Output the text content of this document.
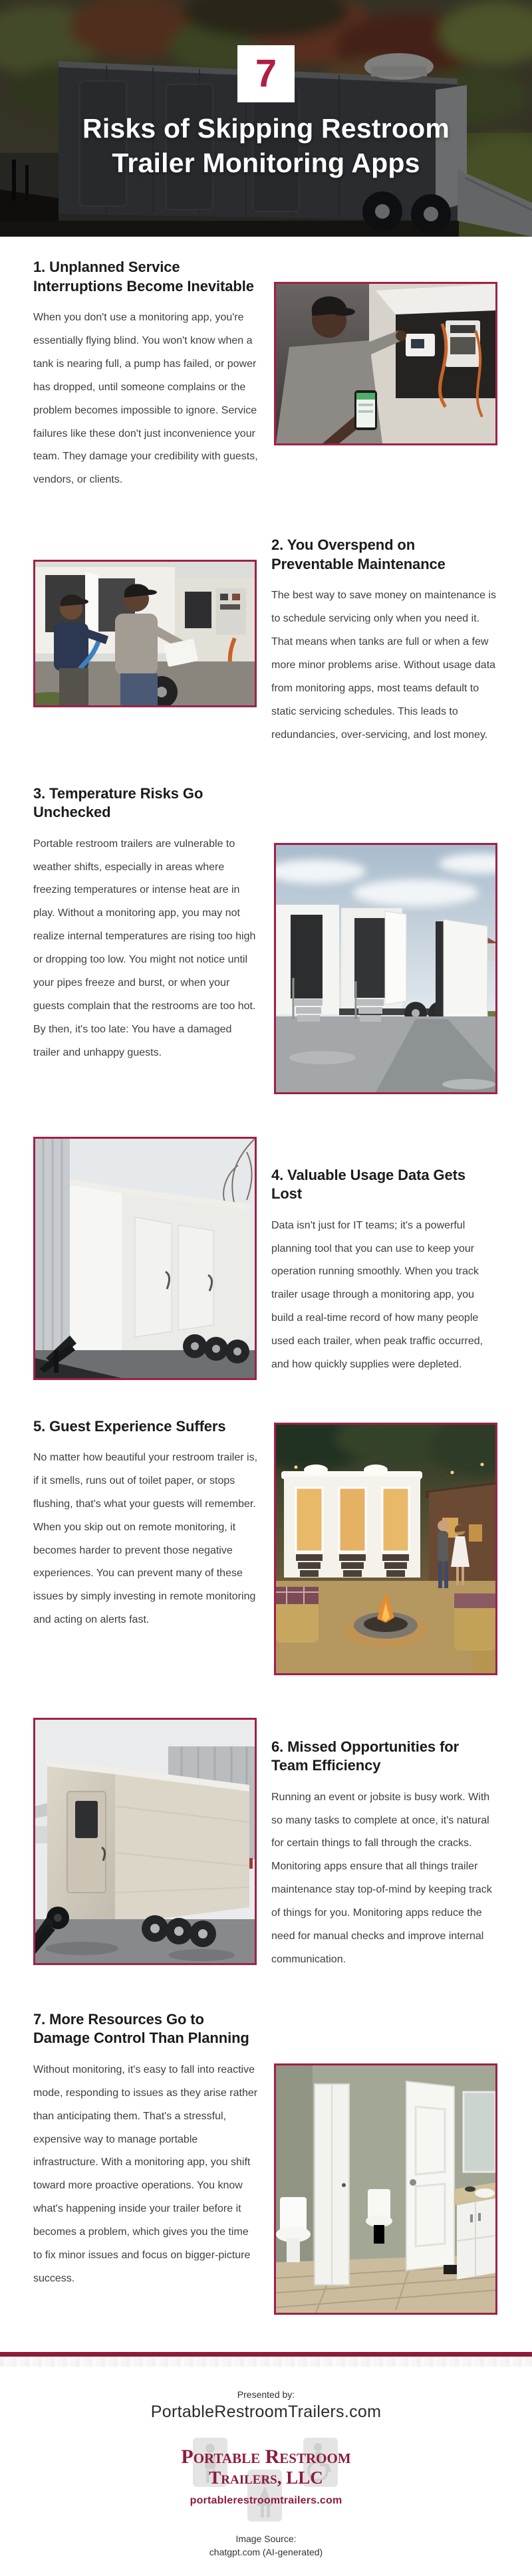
7
Risks of Skipping Restroom
Trailer Monitoring Apps
1. Unplanned Service Interruptions Become Inevitable

When you don't use a monitoring app, you're essentially flying blind. You won't know when a tank is nearing full, a pump has failed, or power has dropped, until someone complains or the problem becomes impossible to ignore. Service failures like these don't just inconvenience your team. They damage your credibility with guests, vendors, or clients.

2. You Overspend on Preventable Maintenance

The best way to save money on maintenance is to schedule servicing only when you need it. That means when tanks are full or when a few more minor problems arise. Without usage data from monitoring apps, most teams default to static servicing schedules. This leads to redundancies, over-servicing, and lost money.

3. Temperature Risks Go Unchecked

Portable restroom trailers are vulnerable to weather shifts, especially in areas where freezing temperatures or intense heat are in play. Without a monitoring app, you may not realize internal temperatures are rising too high or dropping too low. You might not notice until your pipes freeze and burst, or when your guests complain that the restrooms are too hot. By then, it's too late: You have a damaged trailer and unhappy guests.

4. Valuable Usage Data Gets Lost

Data isn't just for IT teams; it's a powerful planning tool that you can use to keep your operation running smoothly. When you track trailer usage through a monitoring app, you build a real-time record of how many people used each trailer, when peak traffic occurred, and how quickly supplies were depleted.

5. Guest Experience Suffers

No matter how beautiful your restroom trailer is, if it smells, runs out of toilet paper, or stops flushing, that's what your guests will remember. When you skip out on remote monitoring, it becomes harder to prevent those negative experiences. You can prevent many of these issues by simply investing in remote monitoring and acting on alerts fast.

6. Missed Opportunities for Team Efficiency

Running an event or jobsite is busy work. With so many tasks to complete at once, it's natural for certain things to fall through the cracks. Monitoring apps ensure that all things trailer maintenance stay top-of-mind by keeping track of things for you. Monitoring apps reduce the need for manual checks and improve internal communication.

7. More Resources Go to Damage Control Than Planning

Without monitoring, it's easy to fall into reactive mode, responding to issues as they arise rather than anticipating them. That's a stressful, expensive way to manage portable infrastructure. With a monitoring app, you shift toward more proactive operations. You know what's happening inside your trailer before it becomes a problem, which gives you the time to fix minor issues and focus on bigger-picture success.

Presented by:

PortableRestroomTrailers.com

Portable Restroom
Trailers, LLC
portablerestroomtrailers.com

Image Source:

chatgpt.com (AI-generated)
